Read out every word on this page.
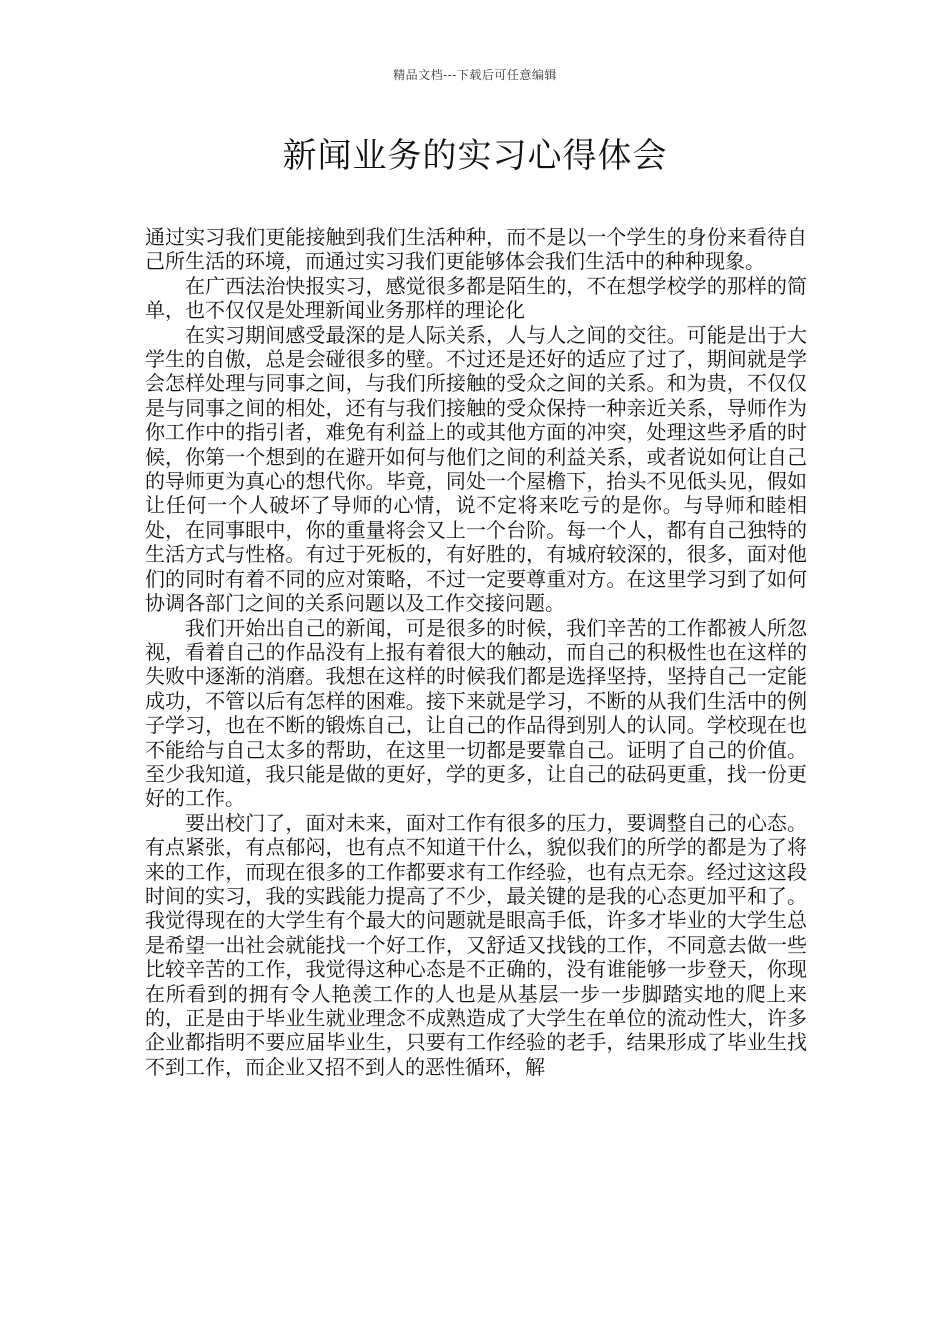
精品文档---下载后可任意编辑
新闻业务的实习心得体会

通过实习我们更能接触到我们生活种种，而不是以一个学生的身份来看待自己所生活的环境，而通过实习我们更能够体会我们生活中的种种现象。

在广西法治快报实习，感觉很多都是陌生的，不在想学校学的那样的简单，也不仅仅是处理新闻业务那样的理论化

在实习期间感受最深的是人际关系，人与人之间的交往。可能是出于大学生的自傲，总是会碰很多的壁。不过还是还好的适应了过了，期间就是学会怎样处理与同事之间，与我们所接触的受众之间的关系。和为贵，不仅仅是与同事之间的相处，还有与我们接触的受众保持一种亲近关系，导师作为你工作中的指引者，难免有利益上的或其他方面的冲突，处理这些矛盾的时候，你第一个想到的在避开如何与他们之间的利益关系，或者说如何让自己的导师更为真心的想代你。毕竟，同处一个屋檐下，抬头不见低头见，假如让任何一个人破坏了导师的心情，说不定将来吃亏的是你。与导师和睦相处，在同事眼中，你的重量将会又上一个台阶。每一个人，都有自己独特的生活方式与性格。有过于死板的，有好胜的，有城府较深的，很多，面对他们的同时有着不同的应对策略，不过一定要尊重对方。在这里学习到了如何协调各部门之间的关系问题以及工作交接问题。

我们开始出自己的新闻，可是很多的时候，我们辛苦的工作都被人所忽视，看着自己的作品没有上报有着很大的触动，而自己的积极性也在这样的失败中逐渐的消磨。我想在这样的时候我们都是选择坚持，坚持自己一定能成功，不管以后有怎样的困难。接下来就是学习，不断的从我们生活中的例子学习，也在不断的锻炼自己，让自己的作品得到别人的认同。学校现在也不能给与自己太多的帮助，在这里一切都是要靠自己。证明了自己的价值。至少我知道，我只能是做的更好，学的更多，让自己的砝码更重，找一份更好的工作。

要出校门了，面对未来，面对工作有很多的压力，要调整自己的心态。有点紧张，有点郁闷，也有点不知道干什么，貌似我们的所学的都是为了将来的工作，而现在很多的工作都要求有工作经验，也有点无奈。经过这这段时间的实习，我的实践能力提高了不少，最关键的是我的心态更加平和了。我觉得现在的大学生有个最大的问题就是眼高手低，许多才毕业的大学生总是希望一出社会就能找一个好工作，又舒适又找钱的工作，不同意去做一些比较辛苦的工作，我觉得这种心态是不正确的，没有谁能够一步登天，你现在所看到的拥有令人艳羡工作的人也是从基层一步一步脚踏实地的爬上来的，正是由于毕业生就业理念不成熟造成了大学生在单位的流动性大，许多企业都指明不要应届毕业生，只要有工作经验的老手，结果形成了毕业生找不到工作，而企业又招不到人的恶性循环，解
